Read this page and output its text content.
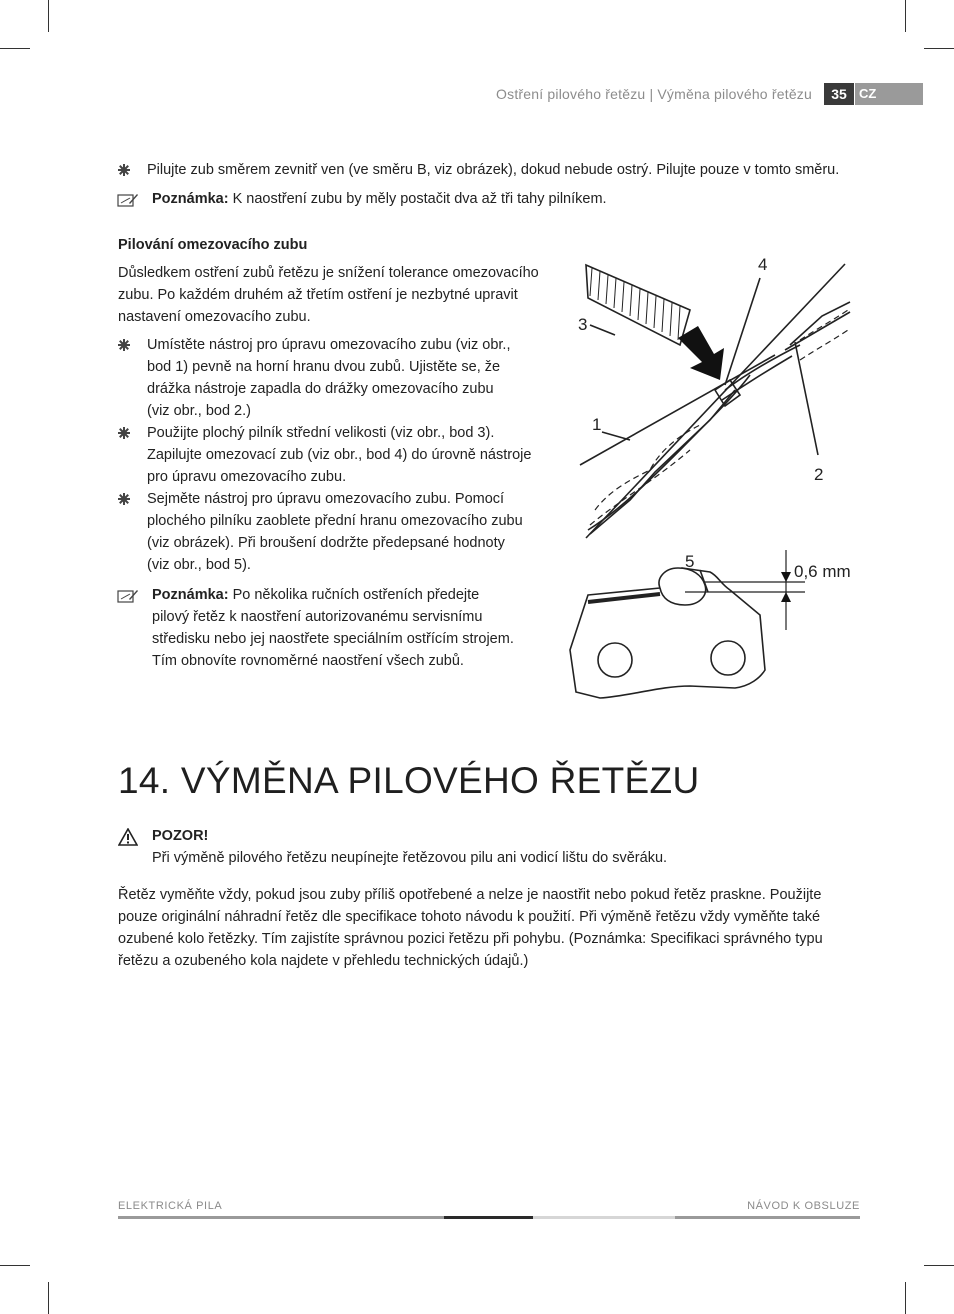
Ostření pilového řetězu | Výměna pilového řetězu	35 CZ
Pilujte zub směrem zevnitř ven (ve směru B, viz obrázek), dokud nebude ostrý. Pilujte pouze v tomto směru.
Poznámka: K naostření zubu by měly postačit dva až tři tahy pilníkem.
Pilování omezovacího zubu
Důsledkem ostření zubů řetězu je snížení tolerance omezovacího
zubu. Po každém druhém až třetím ostření je nezbytné upravit
nastavení omezovacího zubu.
Umístěte nástroj pro úpravu omezovacího zubu (viz obr.,
bod 1) pevně na horní hranu dvou zubů. Ujistěte se, že
drážka nástroje zapadla do drážky omezovacího zubu
(viz obr., bod 2.)
Použijte plochý pilník střední velikosti (viz obr., bod 3).
Zapilujte omezovací zub (viz obr., bod 4) do úrovně nástroje
pro úpravu omezovacího zubu.
Sejměte nástroj pro úpravu omezovacího zubu. Pomocí
plochého pilníku zaoblete přední hranu omezovacího zubu
(viz obrázek). Při broušení dodržte předepsané hodnoty
(viz obr., bod 5).
Poznámka: Po několika ručních ostřeních předejte
pilový řetěz k naostření autorizovanému servisnímu
středisku nebo jej naostřete speciálním ostřícím strojem.
Tím obnovíte rovnoměrné naostření všech zubů.
4
3
1
2
5
0,6 mm
14. VÝMĚNA PILOVÉHO ŘETĚZU
POZOR!
Při výměně pilového řetězu neupínejte řetězovou pilu ani vodicí lištu do svěráku.
Řetěz vyměňte vždy, pokud jsou zuby příliš opotřebené a nelze je naostřit nebo pokud řetěz praskne. Použijte
pouze originální náhradní řetěz dle specifikace tohoto návodu k použití. Při výměně řetězu vždy vyměňte také
ozubené kolo řetězky. Tím zajistíte správnou pozici řetězu při pohybu. (Poznámka: Specifikaci správného typu
řetězu a ozubeného kola najdete v přehledu technických údajů.)
ELEKTRICKÁ PILA	NÁVOD K OBSLUZE
